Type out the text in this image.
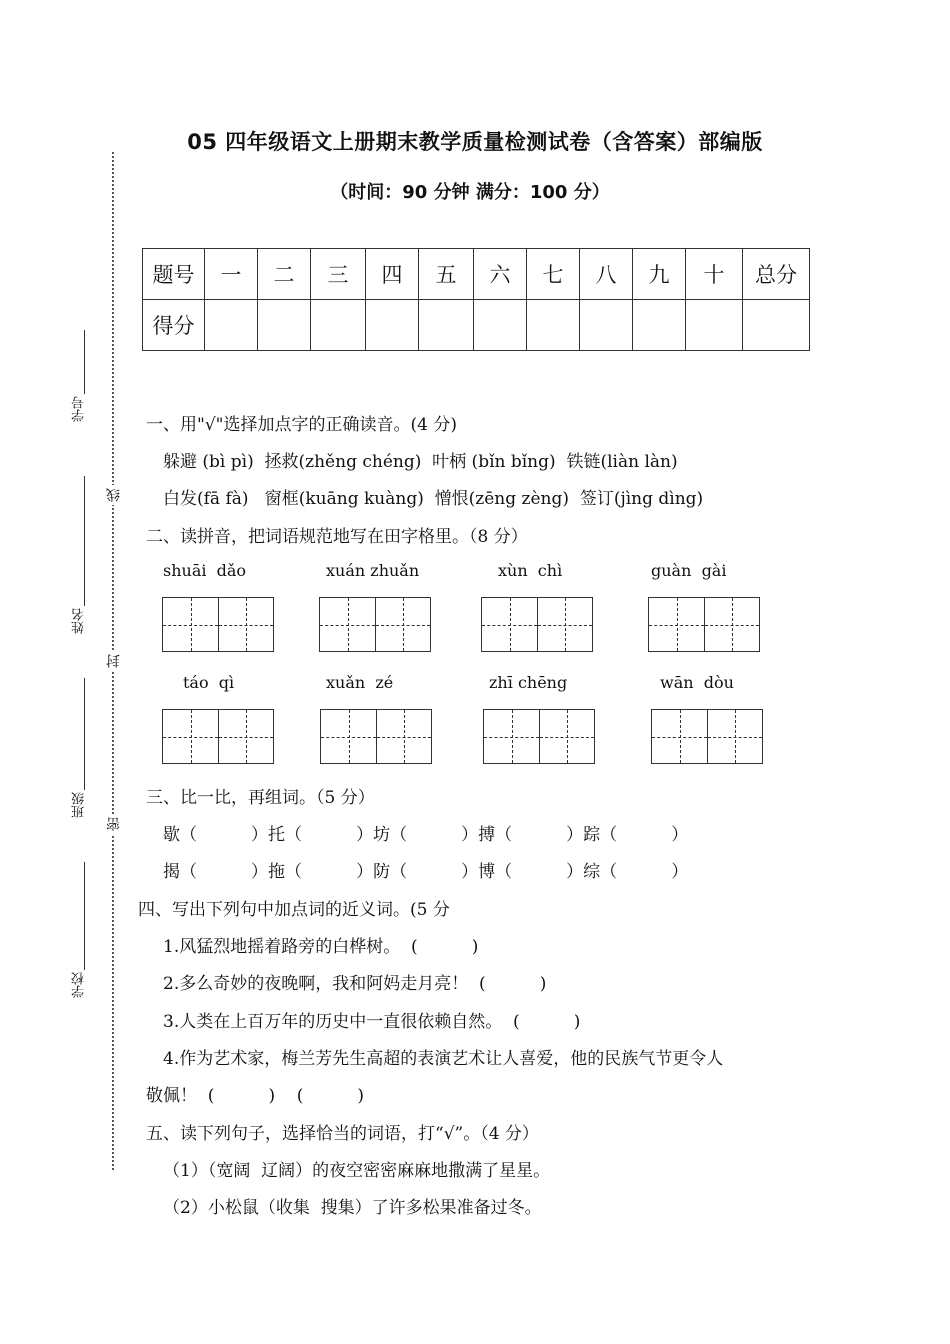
05 四年级语文上册期末教学质量检测试卷（含答案）部编版
（时间：90 分钟 满分：100 分）
题号	一	二	三	四	五	六	七	八	九	十	总分
得分											
学号
姓名
班级
学校
线
封
密
一、用"√"选择加点字的正确读音。(4 分)
躲避 (bì pì)  拯救(zhěng chéng)  叶柄 (bǐn bǐng)  铁链(liàn làn)
白发(fā fà)   窗框(kuāng kuàng)  憎恨(zēng zèng)  签订(jìng dìng)
二、读拼音，把词语规范地写在田字格里。（8 分）
shuāi  dǎo	xuán zhuǎn	xùn  chì	guàn  gài
táo  qì	xuǎn  zé	zhī chēng	wān  dòu
三、比一比，再组词。（5 分）
歇（          ）托（          ）坊（          ）搏（          ）踪（          ）
揭（          ）拖（          ）防（          ）博（          ）综（          ）
四、写出下列句中加点词的近义词。(5 分
1.风猛烈地摇着路旁的白桦树。  (          )
2.多么奇妙的夜晚啊，我和阿妈走月亮！  (          )
3.人类在上百万年的历史中一直很依赖自然。  (          )
4.作为艺术家，梅兰芳先生高超的表演艺术让人喜爱，他的民族气节更令人
敬佩！  (          )    (          )
五、读下列句子，选择恰当的词语，打“√”。（4 分）
（1）（宽阔  辽阔）的夜空密密麻麻地撒满了星星。
（2）小松鼠（收集  搜集）了许多松果准备过冬。
